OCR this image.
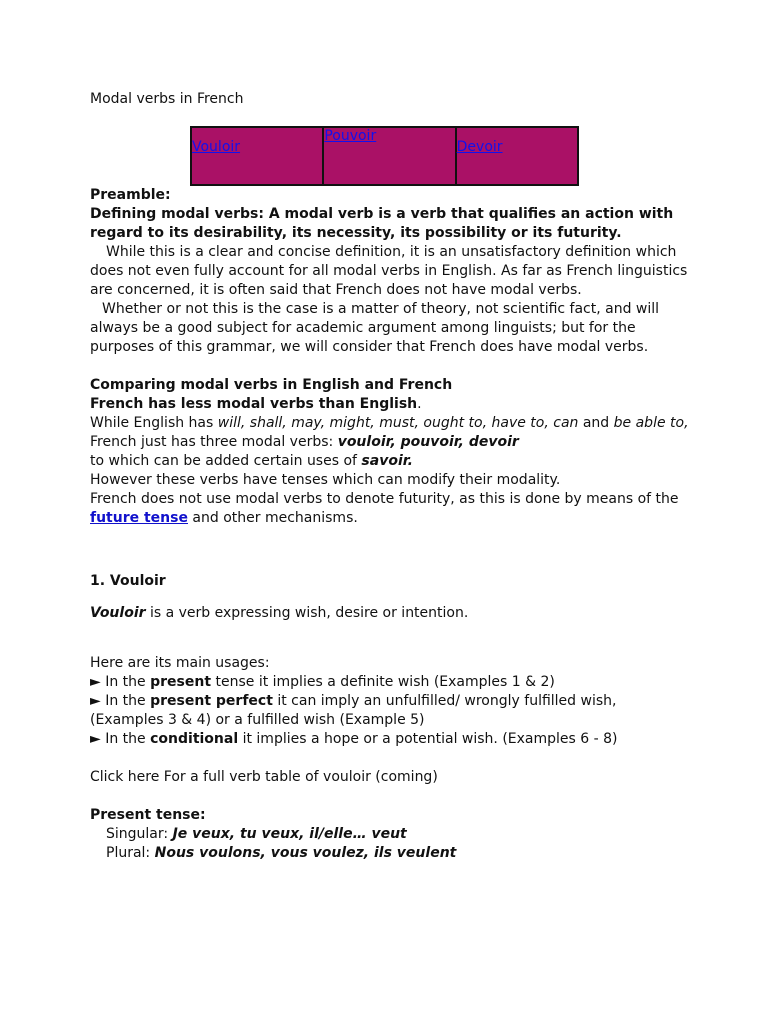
Modal verbs in French

Vouloir	Pouvoir	Devoir

Preamble:

Defining modal verbs: A modal verb is a verb that qualifies an action with regard to its desirability, its necessity, its possibility or its futurity.

While this is a clear and concise definition, it is an unsatisfactory definition which does not even fully account for all modal verbs in English. As far as French linguistics are concerned, it is often said that French does not have modal verbs.

Whether or not this is the case is a matter of theory, not scientific fact, and will always be a good subject for academic argument among linguists; but for the purposes of this grammar, we will consider that French does have modal verbs.

Comparing modal verbs in English and French

French has less modal verbs than English.

While English has will, shall, may, might, must, ought to, have to, can and be able to,

French just has three modal verbs: vouloir, pouvoir, devoir

to which can be added certain uses of savoir.

However these verbs have tenses which can modify their modality.

French does not use modal verbs to denote futurity, as this is done by means of the future tense and other mechanisms.

1. Vouloir

Vouloir is a verb expressing wish, desire or intention.

Here are its main usages:

► In the present tense it implies a definite wish (Examples 1 & 2)

► In the present perfect it can imply an unfulfilled/ wrongly fulfilled wish, (Examples 3 & 4) or a fulfilled wish (Example 5)

► In the conditional it implies a hope or a potential wish. (Examples 6 - 8)

Click here For a full verb table of vouloir (coming)

Present tense:

Singular: Je veux, tu veux, il/elle… veut

Plural: Nous voulons, vous voulez, ils veulent
